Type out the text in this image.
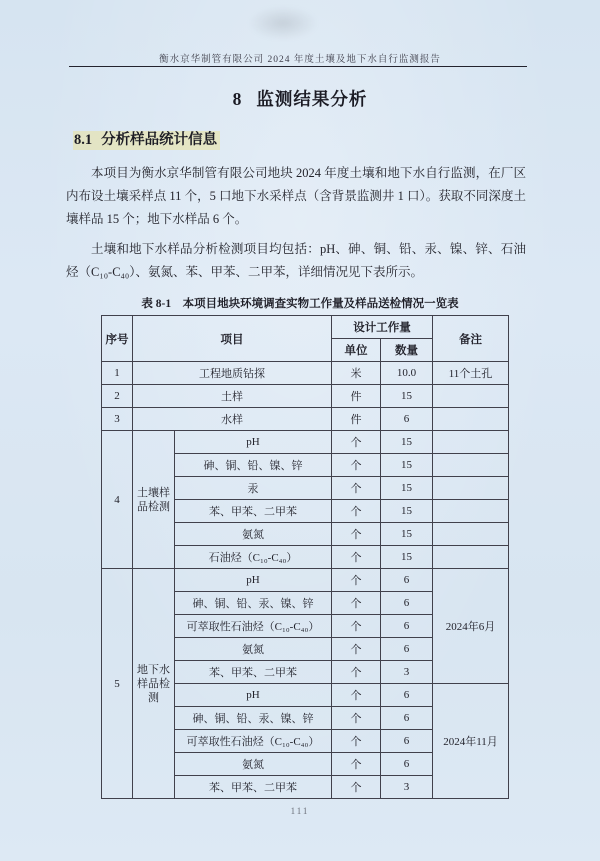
衡水京华制管有限公司 2024 年度土壤及地下水自行监测报告
8 监测结果分析
8.1 分析样品统计信息

本项目为衡水京华制管有限公司地块 2024 年度土壤和地下水自行监测，在厂区内布设土壤采样点 11 个，5 口地下水采样点（含背景监测井 1 口）。获取不同深度土壤样品 15 个；地下水样品 6 个。

土壤和地下水样品分析检测项目均包括：pH、砷、铜、铅、汞、镍、锌、石油烃（C₁₀-C₄₀）、氨氮、苯、甲苯、二甲苯，详细情况见下表所示。

表 8-1　本项目地块环境调查实物工作量及样品送检情况一览表
序号	项目		设计工作量		备注
			单位	数量	
1	工程地质钻探		米	10.0	11个土孔
2	土样		件	15	
3	水样		件	6	
4	土壤样品检测	pH	个	15	
		砷、铜、铅、镍、锌	个	15	
		汞	个	15	
		苯、甲苯、二甲苯	个	15	
		氨氮	个	15	
		石油烃（C₁₀-C₄₀）	个	15	
5	地下水样品检测	pH	个	6	2024年6月
		砷、铜、铅、汞、镍、锌	个	6	
		可萃取性石油烃（C₁₀-C₄₀）	个	6	
		氨氮	个	6	
		苯、甲苯、二甲苯	个	3	
		pH	个	6	2024年11月
		砷、铜、铅、汞、镍、锌	个	6	
		可萃取性石油烃（C₁₀-C₄₀）	个	6	
		氨氮	个	6	
		苯、甲苯、二甲苯	个	3	
111
